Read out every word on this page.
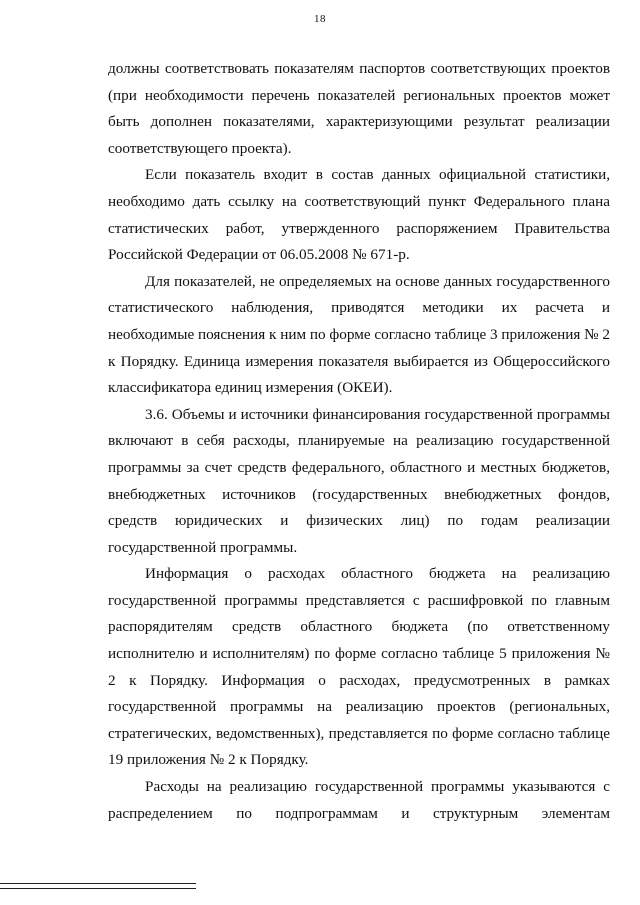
18

должны соответствовать показателям паспортов соответствующих проектов (при необходимости перечень показателей региональных проектов может быть дополнен показателями, характеризующими результат реализации соответствующего проекта).

Если показатель входит в состав данных официальной статистики, необходимо дать ссылку на соответствующий пункт Федерального плана статистических работ, утвержденного распоряжением Правительства Российской Федерации от 06.05.2008 № 671-р.

Для показателей, не определяемых на основе данных государственного статистического наблюдения, приводятся методики их расчета и необходимые пояснения к ним по форме согласно таблице 3 приложения № 2 к Порядку. Единица измерения показателя выбирается из Общероссийского классификатора единиц измерения (ОКЕИ).

3.6. Объемы и источники финансирования государственной программы включают в себя расходы, планируемые на реализацию государственной программы за счет средств федерального, областного и местных бюджетов, внебюджетных источников (государственных внебюджетных фондов, средств юридических и физических лиц) по годам реализации государственной программы.

Информация о расходах областного бюджета на реализацию государственной программы представляется с расшифровкой по главным распорядителям средств областного бюджета (по ответственному исполнителю и исполнителям) по форме согласно таблице 5 приложения № 2 к Порядку. Информация о расходах, предусмотренных в рамках государственной программы на реализацию проектов (региональных, стратегических, ведомственных), представляется по форме согласно таблице 19 приложения № 2 к Порядку.

Расходы на реализацию государственной программы указываются с распределением по подпрограммам и структурным элементам
